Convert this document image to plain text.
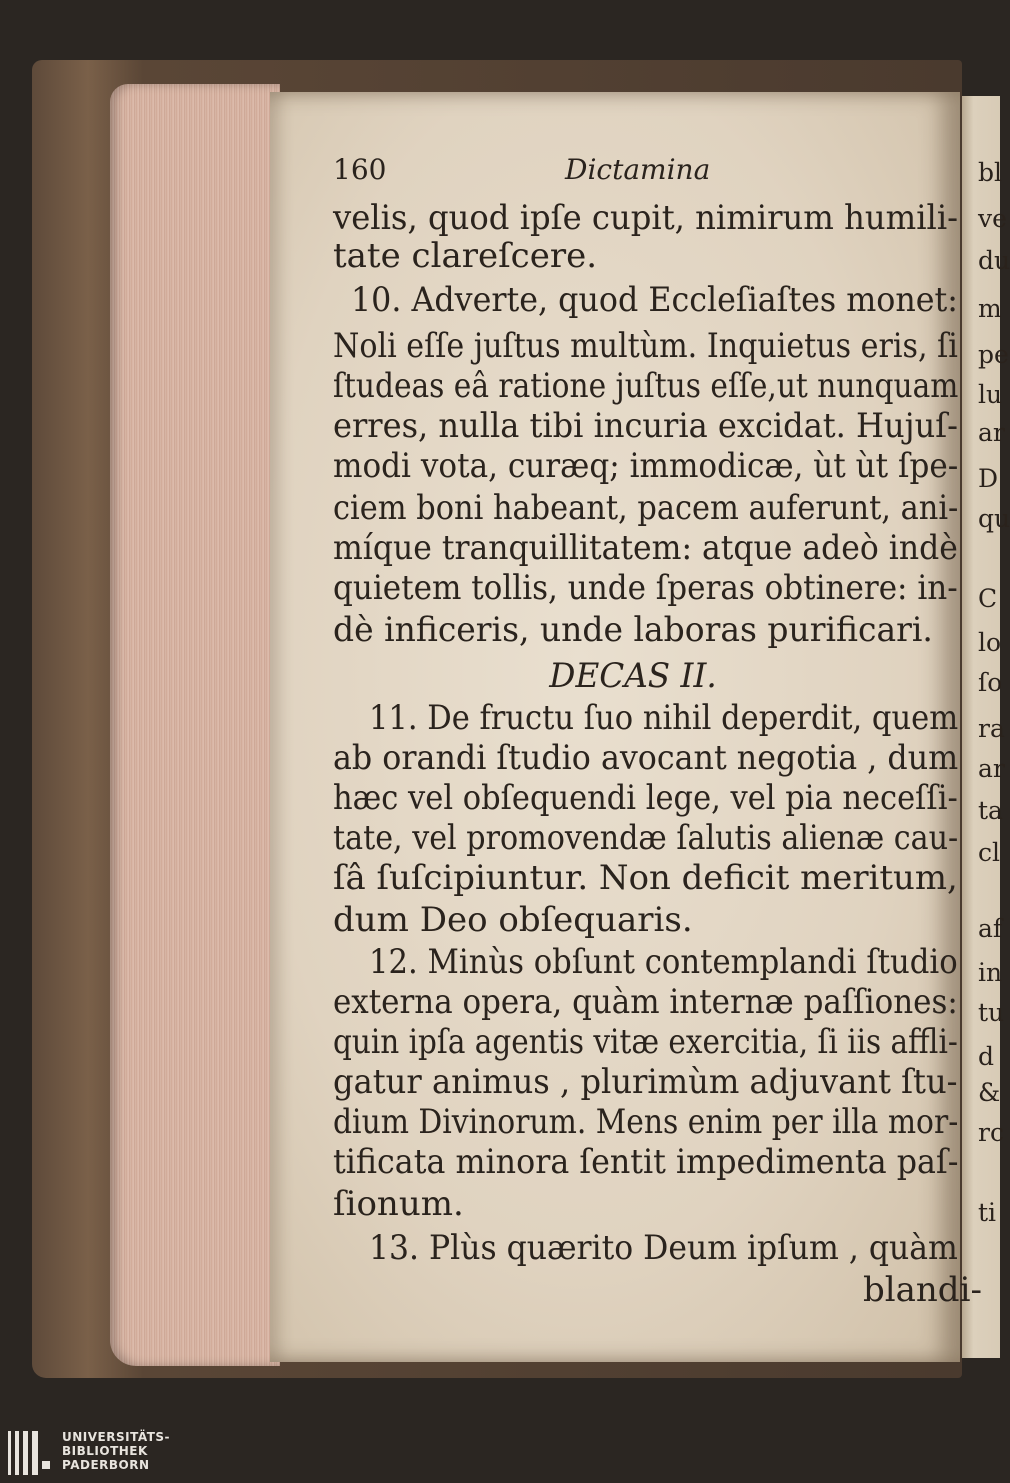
bl
ve
du
m
pe
lu
ar
D
qu
C
lo
ſo
ra
ar
ta
cl
af
in
tu
d
&
rc
ti
160	Dictamina
velis, quod ipſe cupit, nimirum humili-
tate clareſcere.
10. Adverte, quod Eccleſiaſtes monet:
Noli eſſe juſtus multùm. Inquietus eris, ſi
ſtudeas eâ ratione juſtus eſſe,ut nunquam
erres, nulla tibi incuria excidat. Hujuſ-
modi vota, curæq; immodicæ, ùt ùt ſpe-
ciem boni habeant, pacem auferunt, ani-
míque tranquillitatem: atque adeò indè
quietem tollis, unde ſperas obtinere: in-
dè inficeris, unde laboras purificari.
DECAS II.
11. De fructu ſuo nihil deperdit, quem
ab orandi ſtudio avocant negotia , dum
hæc vel obſequendi lege, vel pia neceſſi-
tate, vel promovendæ ſalutis alienæ cau-
ſâ ſuſcipiuntur. Non deficit meritum,
dum Deo obſequaris.
12. Minùs obſunt contemplandi ſtudio
externa opera, quàm internæ paſſiones:
quin ipſa agentis vitæ exercitia, ſi iis affli-
gatur animus , plurimùm adjuvant ſtu-
dium Divinorum. Mens enim per illa mor-
tificata minora ſentit impedimenta paſ-
ſionum.
13. Plùs quærito Deum ipſum , quàm
blandi-
UNIVERSITÄTS-
BIBLIOTHEK
PADERBORN
